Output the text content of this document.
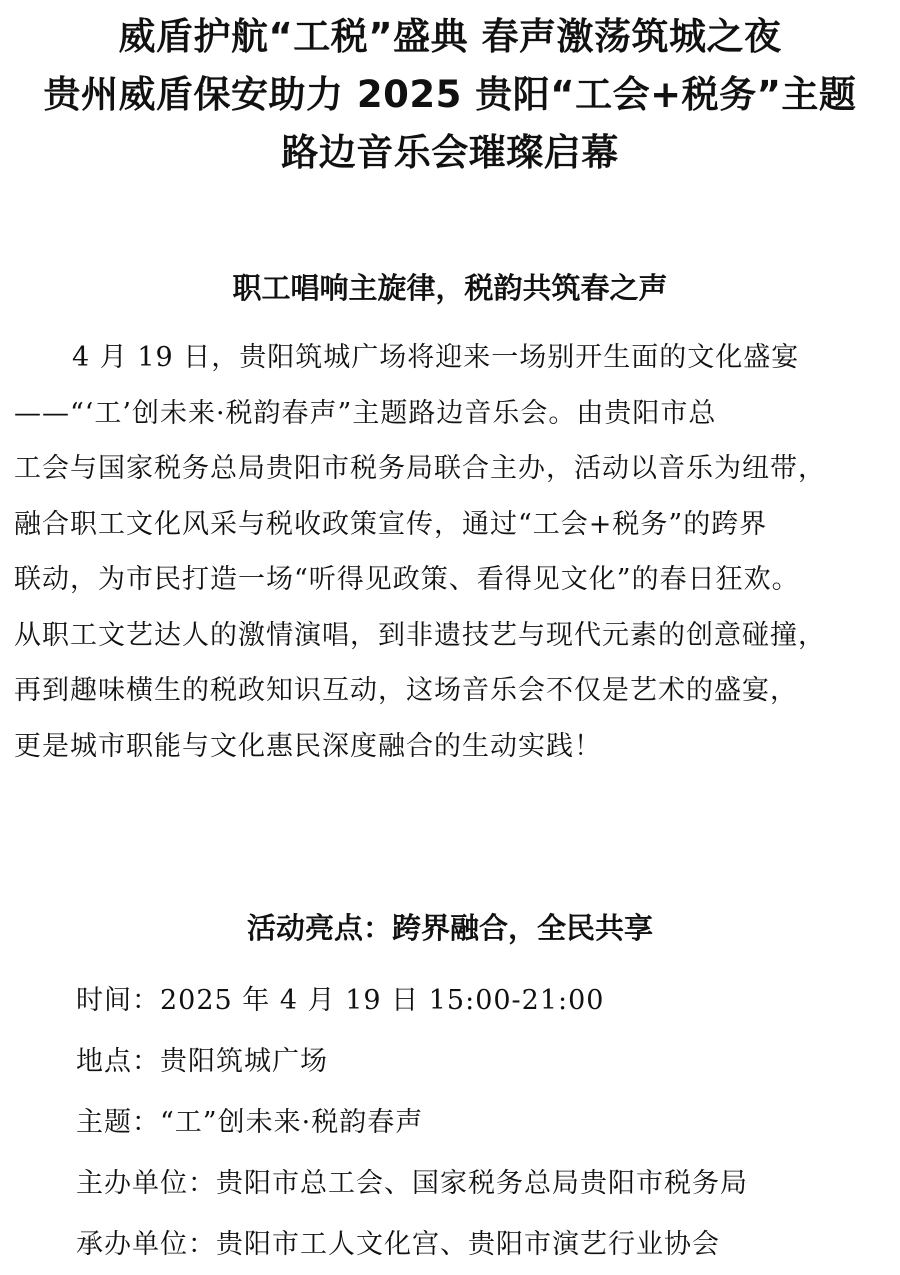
威盾护航“工税”盛典 春声激荡筑城之夜
贵州威盾保安助力 2025 贵阳“工会+税务”主题
路边音乐会璀璨启幕
职工唱响主旋律，税韵共筑春之声
4 月 19 日，贵阳筑城广场将迎来一场别开生面的文化盛宴
——“‘工’创未来·税韵春声”主题路边音乐会。由贵阳市总
工会与国家税务总局贵阳市税务局联合主办，活动以音乐为纽带，
融合职工文化风采与税收政策宣传，通过“工会+税务”的跨界
联动，为市民打造一场“听得见政策、看得见文化”的春日狂欢。
从职工文艺达人的激情演唱，到非遗技艺与现代元素的创意碰撞，
再到趣味横生的税政知识互动，这场音乐会不仅是艺术的盛宴，
更是城市职能与文化惠民深度融合的生动实践！
活动亮点：跨界融合，全民共享
时间：2025 年 4 月 19 日 15:00-21:00
地点：贵阳筑城广场
主题：“工”创未来·税韵春声
主办单位：贵阳市总工会、国家税务总局贵阳市税务局
承办单位：贵阳市工人文化宫、贵阳市演艺行业协会
